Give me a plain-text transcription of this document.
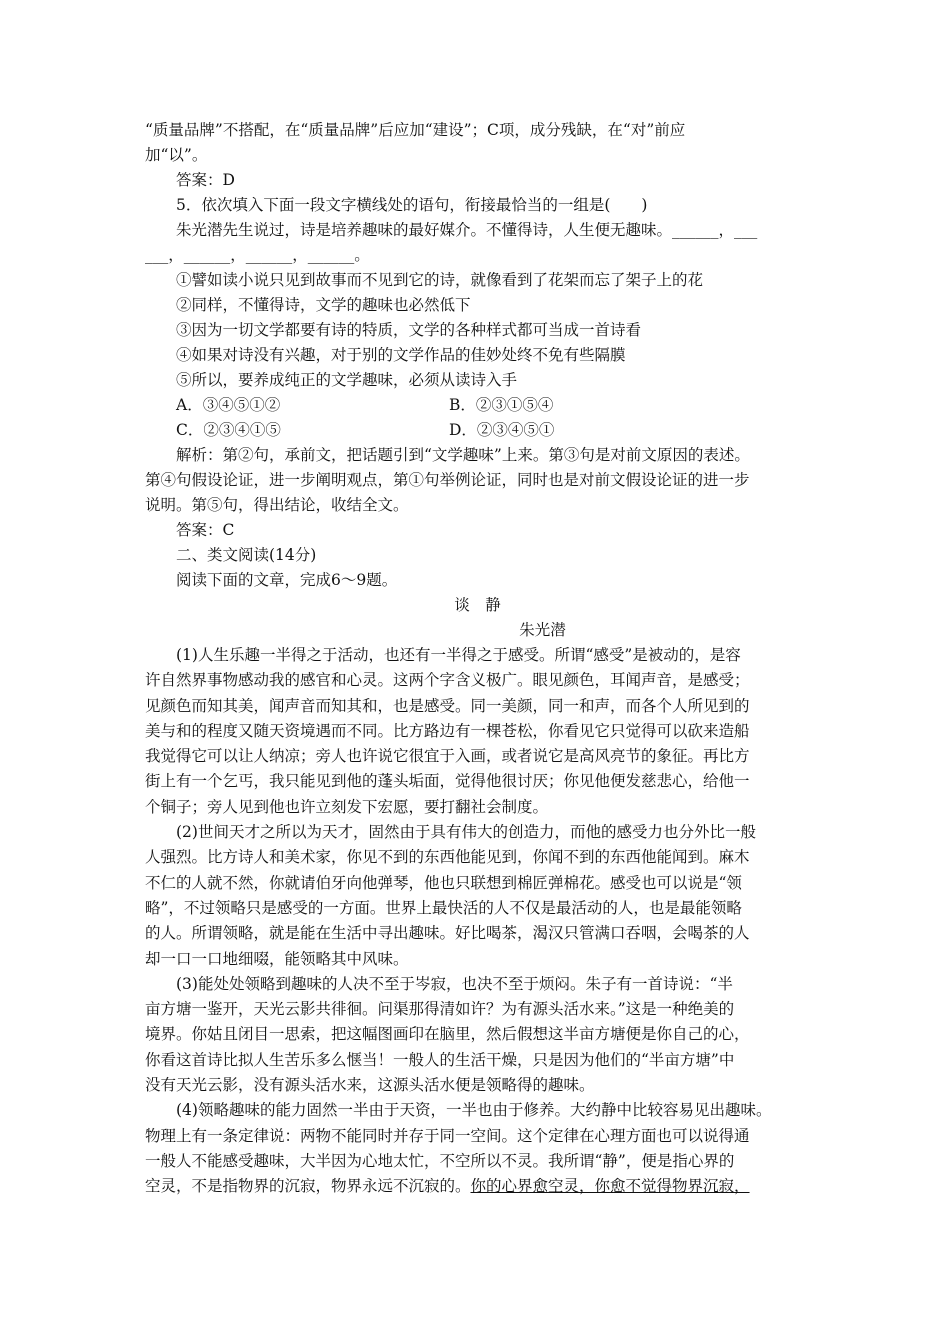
“质量品牌”不搭配，在“质量品牌”后应加“建设”；C项，成分残缺，在“对”前应

加“以”。

答案：D

5．依次填入下面一段文字横线处的语句，衔接最恰当的一组是(　　)

朱光潜先生说过，诗是培养趣味的最好媒介。不懂得诗，人生便无趣味。______，___

___，______，______，______。

①譬如读小说只见到故事而不见到它的诗，就像看到了花架而忘了架子上的花

②同样，不懂得诗，文学的趣味也必然低下

③因为一切文学都要有诗的特质，文学的各种样式都可当成一首诗看

④如果对诗没有兴趣，对于别的文学作品的佳妙处终不免有些隔膜

⑤所以，要养成纯正的文学趣味，必须从读诗入手

A．③④⑤①②	B．②③①⑤④
C．②③④①⑤	D．②③④⑤①

解析：第②句，承前文，把话题引到“文学趣味”上来。第③句是对前文原因的表述。

第④句假设论证，进一步阐明观点，第①句举例论证，同时也是对前文假设论证的进一步

说明。第⑤句，得出结论，收结全文。

答案：C

二、类文阅读(14分)

阅读下面的文章，完成6～9题。

谈　静

朱光潜

(1)人生乐趣一半得之于活动，也还有一半得之于感受。所谓“感受”是被动的，是容

许自然界事物感动我的感官和心灵。这两个字含义极广。眼见颜色，耳闻声音，是感受；

见颜色而知其美，闻声音而知其和，也是感受。同一美颜，同一和声，而各个人所见到的

美与和的程度又随天资境遇而不同。比方路边有一棵苍松，你看见它只觉得可以砍来造船

我觉得它可以让人纳凉；旁人也许说它很宜于入画，或者说它是高风亮节的象征。再比方

街上有一个乞丐，我只能见到他的蓬头垢面，觉得他很讨厌；你见他便发慈悲心，给他一

个铜子；旁人见到他也许立刻发下宏愿，要打翻社会制度。

(2)世间天才之所以为天才，固然由于具有伟大的创造力，而他的感受力也分外比一般

人强烈。比方诗人和美术家，你见不到的东西他能见到，你闻不到的东西他能闻到。麻木

不仁的人就不然，你就请伯牙向他弹琴，他也只联想到棉匠弹棉花。感受也可以说是“领

略”，不过领略只是感受的一方面。世界上最快活的人不仅是最活动的人，也是最能领略

的人。所谓领略，就是能在生活中寻出趣味。好比喝茶，渴汉只管满口吞咽，会喝茶的人

却一口一口地细啜，能领略其中风味。

(3)能处处领略到趣味的人决不至于岑寂，也决不至于烦闷。朱子有一首诗说：“半

亩方塘一鉴开，天光云影共徘徊。问渠那得清如许？为有源头活水来。”这是一种绝美的

境界。你姑且闭目一思索，把这幅图画印在脑里，然后假想这半亩方塘便是你自己的心，

你看这首诗比拟人生苦乐多么惬当！一般人的生活干燥，只是因为他们的“半亩方塘”中

没有天光云影，没有源头活水来，这源头活水便是领略得的趣味。

(4)领略趣味的能力固然一半由于天资，一半也由于修养。大约静中比较容易见出趣味。

物理上有一条定律说：两物不能同时并存于同一空间。这个定律在心理方面也可以说得通

一般人不能感受趣味，大半因为心地太忙，不空所以不灵。我所谓“静”，便是指心界的

空灵，不是指物界的沉寂，物界永远不沉寂的。你的心界愈空灵，你愈不觉得物界沉寂，
